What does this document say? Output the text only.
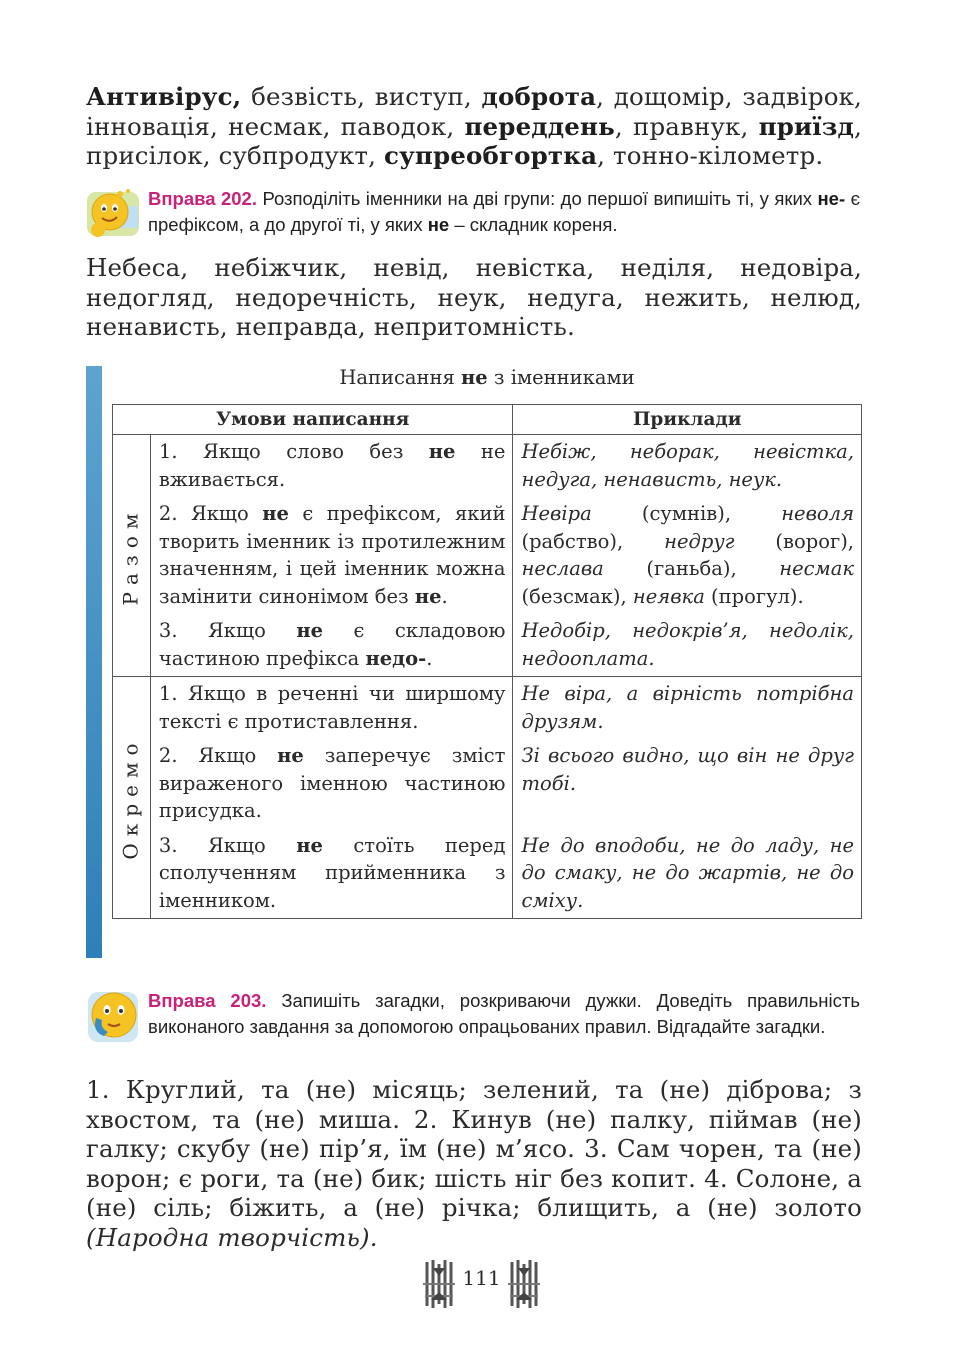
Антивірус, безвість, виступ, доброта, дощомір, задвірок, інновація, несмак, паводок, переддень, правнук, приїзд, присілок, субпродукт, супреобгортка, тонно-кілометр.
Вправа 202. Розподіліть іменники на дві групи: до першої випишіть ті, у яких не- є префіксом, а до другої ті, у яких не – складник кореня.
Небеса, небіжчик, невід, невістка, неділя, недовіра, недогляд, недоречність, неук, недуга, нежить, нелюд, ненависть, неправда, непритомність.
Написання не з іменниками
Умови написання		Приклади

Разом	1. Якщо слово без не не вживається.	Небіж, неборак, невістка, недуга, ненависть, неук.
	2. Якщо не є префіксом, який творить іменник із протилежним значенням, і цей іменник можна замінити синонімом без не.	Невіра (сумнів), неволя (рабство), недруг (ворог), неслава (ганьба), несмак (безсмак), неявка (прогул).
	3. Якщо не є складовою частиною префікса недо-.	Недобір, недокрів’я, недолік, недооплата.

Окремо	1. Якщо в реченні чи ширшому тексті є протиставлення.	Не віра, а вірність потрібна друзям.
	2. Якщо не заперечує зміст вираженого іменною частиною присудка.	Зі всього видно, що він не друг тобі.
	3. Якщо не стоїть перед сполученням прийменника з іменником.	Не до вподоби, не до ладу, не до смаку, не до жартів, не до сміху.
Вправа 203. Запишіть загадки, розкриваючи дужки. Доведіть правильність виконаного завдання за допомогою опрацьованих правил. Відгадайте загадки.
1. Круглий, та (не) місяць; зелений, та (не) діброва; з хвостом, та (не) миша. 2. Кинув (не) палку, піймав (не) галку; скубу (не) пір’я, їм (не) м’ясо. 3. Сам чорен, та (не) ворон; є роги, та (не) бик; шість ніг без копит. 4. Солоне, а (не) сіль; біжить, а (не) річка; блищить, а (не) золото (Народна творчість).
111
